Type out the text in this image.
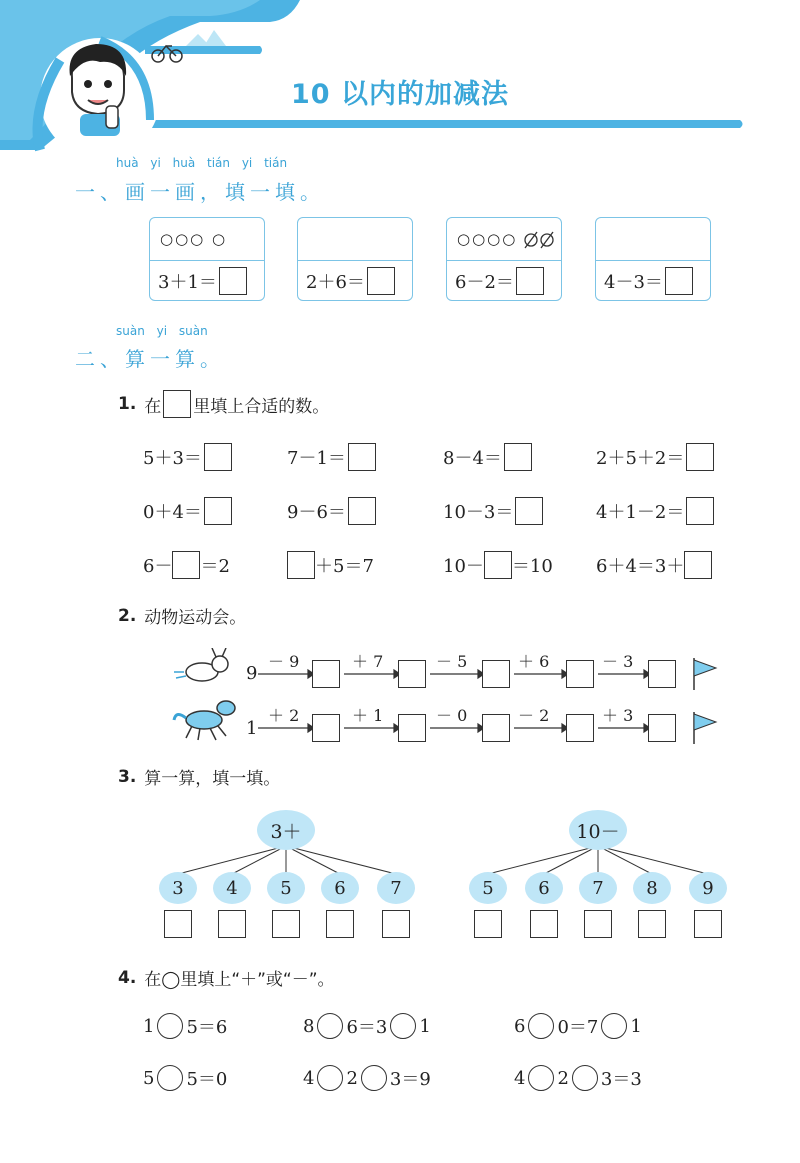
10 以内的加减法
huà yi huà tián yi tián
一、画一画，填一填。
○○○ ○
3＋1＝	2＋6＝
○○○○
6－2＝	4－3＝
suàn yi suàn
二、算一算。
1. 在 里填上合适的数。
5＋3＝	7－1＝	8－4＝	2＋5＋2＝
0＋4＝	9－6＝	10－3＝	4＋1－2＝
6－ ＝2	＋5＝7	10－ ＝10 6＋4＝3＋
2. 动物运动会。
9
1
－ 9	＋ 7	－ 5	＋ 6	－ 3
＋ 2	＋ 1	－ 0	－ 2	＋ 3
3. 算一算，填一填。
3＋	10－
3	4	5	6	7	5	6	7	8	9
4. 在◯里填上“＋”或“－”。
1 5＝6	8 6＝3 1	6 0＝7 1
5 5＝0	4 2 3＝9	4 2 3＝3
